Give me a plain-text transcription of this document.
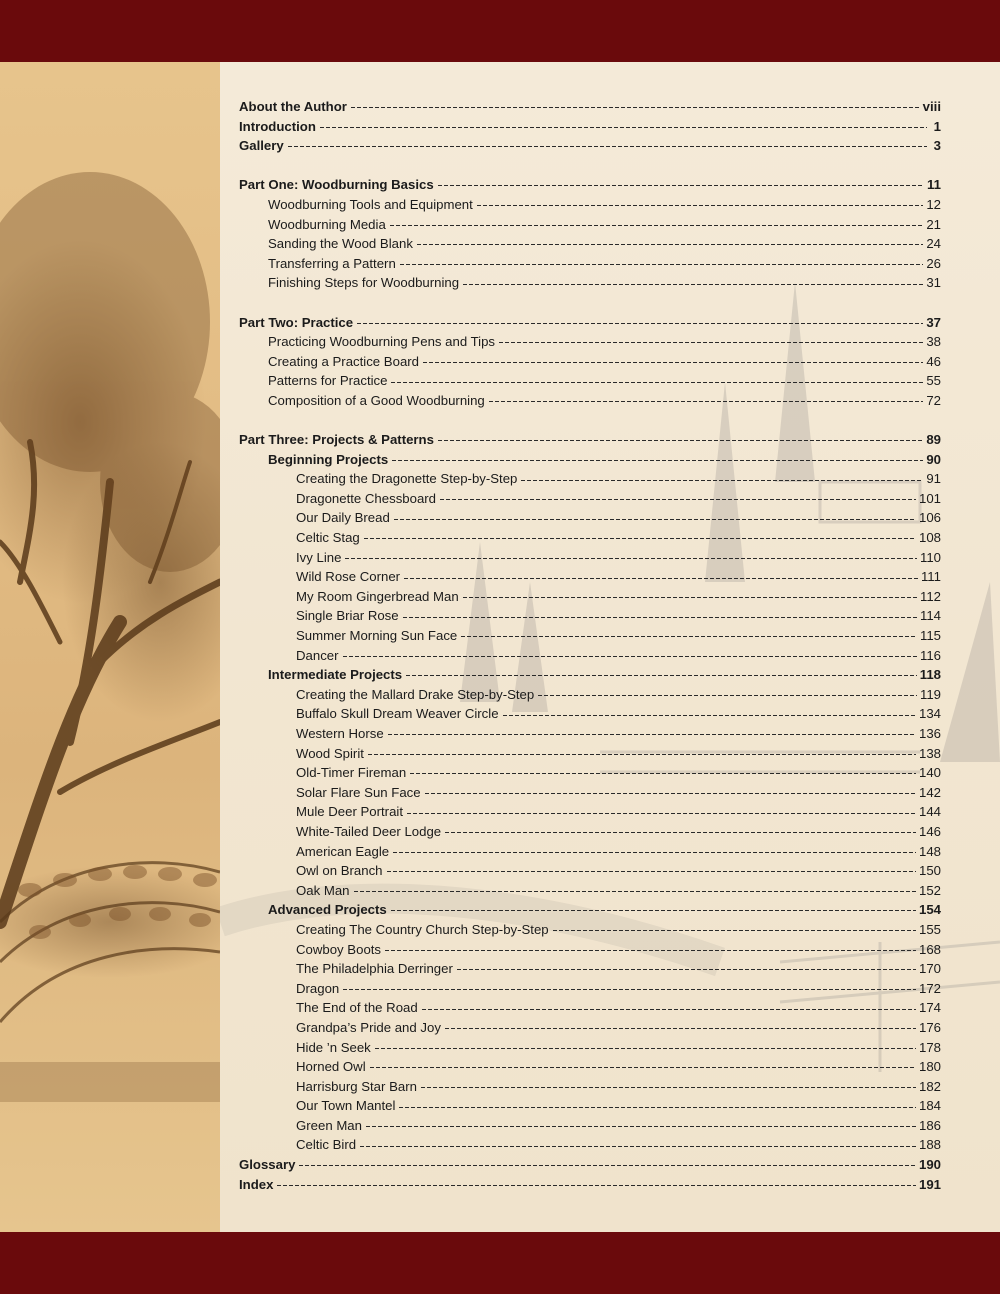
About the Author	viii
Introduction	1
Gallery	3
Part One: Woodburning Basics	11
Woodburning Tools and Equipment	12
Woodburning Media	21
Sanding the Wood Blank	24
Transferring a Pattern	26
Finishing Steps for Woodburning	31
Part Two: Practice	37
Practicing Woodburning Pens and Tips	38
Creating a Practice Board	46
Patterns for Practice	55
Composition of a Good Woodburning	72
Part Three: Projects & Patterns	89
Beginning Projects	90
Creating the Dragonette Step-by-Step	91
Dragonette Chessboard	101
Our Daily Bread	106
Celtic Stag	108
Ivy Line	110
Wild Rose Corner	111
My Room Gingerbread Man	112
Single Briar Rose	114
Summer Morning Sun Face	115
Dancer	116
Intermediate Projects	118
Creating the Mallard Drake Step-by-Step	119
Buffalo Skull Dream Weaver Circle	134
Western Horse	136
Wood Spirit	138
Old-Timer Fireman	140
Solar Flare Sun Face	142
Mule Deer Portrait	144
White-Tailed Deer Lodge	146
American Eagle	148
Owl on Branch	150
Oak Man	152
Advanced Projects	154
Creating The Country Church Step-by-Step	155
Cowboy Boots	168
The Philadelphia Derringer	170
Dragon	172
The End of the Road	174
Grandpa’s Pride and Joy	176
Hide ’n Seek	178
Horned Owl	180
Harrisburg Star Barn	182
Our Town Mantel	184
Green Man	186
Celtic Bird	188
Glossary	190
Index	191
